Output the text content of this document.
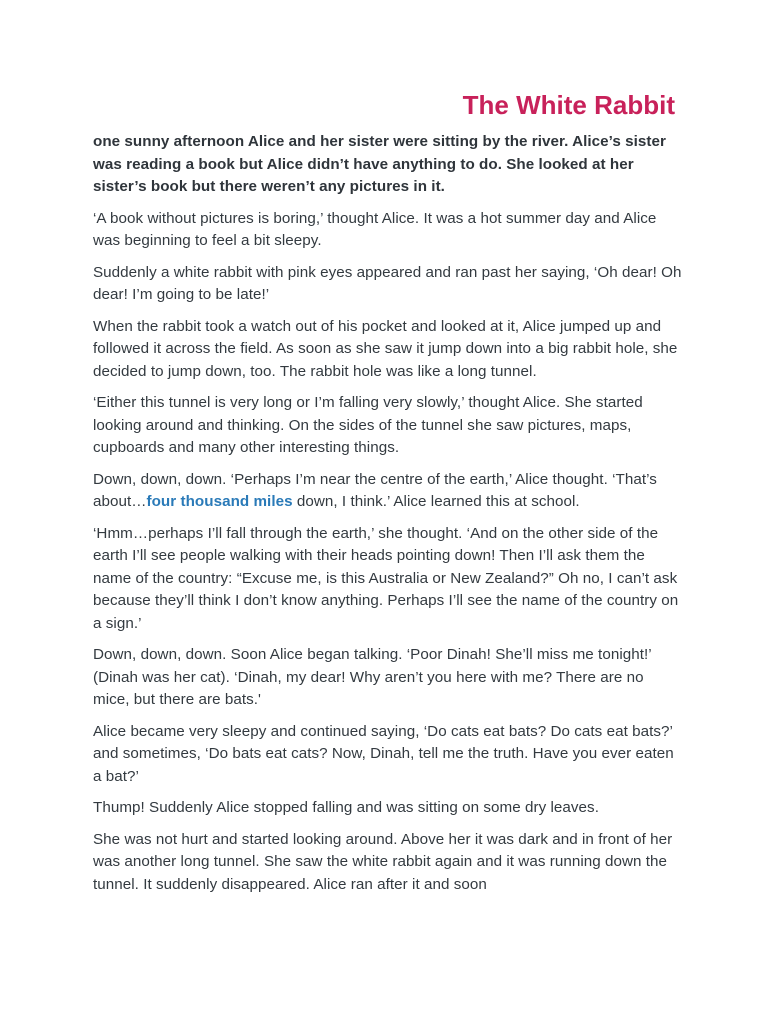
The White Rabbit

one sunny afternoon Alice and her sister were sitting by the river. Alice’s sister was reading a book but Alice didn’t have anything to do. She looked at her sister’s book but there weren’t any pictures in it.

‘A book without pictures is boring,’ thought Alice. It was a hot summer day and Alice was beginning to feel a bit sleepy.

Suddenly a white rabbit with pink eyes appeared and ran past her saying, ‘Oh dear! Oh dear! I’m going to be late!’

When the rabbit took a watch out of his pocket and looked at it, Alice jumped up and followed it across the field. As soon as she saw it jump down into a big rabbit hole, she decided to jump down, too. The rabbit hole was like a long tunnel.

‘Either this tunnel is very long or I’m falling very slowly,’ thought Alice. She started looking around and thinking. On the sides of the tunnel she saw pictures, maps, cupboards and many other interesting things.

Down, down, down. ‘Perhaps I’m near the centre of the earth,’ Alice thought. ‘That’s about…four thousand miles down, I think.’ Alice learned this at school.

‘Hmm…perhaps I’ll fall through the earth,’ she thought. ‘And on the other side of the earth I’ll see people walking with their heads pointing down! Then I’ll ask them the name of the country: “Excuse me, is this Australia or New Zealand?” Oh no, I can’t ask because they’ll think I don’t know anything. Perhaps I’ll see the name of the country on a sign.’

Down, down, down. Soon Alice began talking. ‘Poor Dinah! She’ll miss me tonight!’ (Dinah was her cat). ‘Dinah, my dear! Why aren’t you here with me? There are no mice, but there are bats.'

Alice became very sleepy and continued saying, ‘Do cats eat bats? Do cats eat bats?’ and sometimes, ‘Do bats eat cats? Now, Dinah, tell me the truth. Have you ever eaten a bat?’

Thump! Suddenly Alice stopped falling and was sitting on some dry leaves.

She was not hurt and started looking around. Above her it was dark and in front of her was another long tunnel. She saw the white rabbit again and it was running down the tunnel. It suddenly disappeared. Alice ran after it and soon
